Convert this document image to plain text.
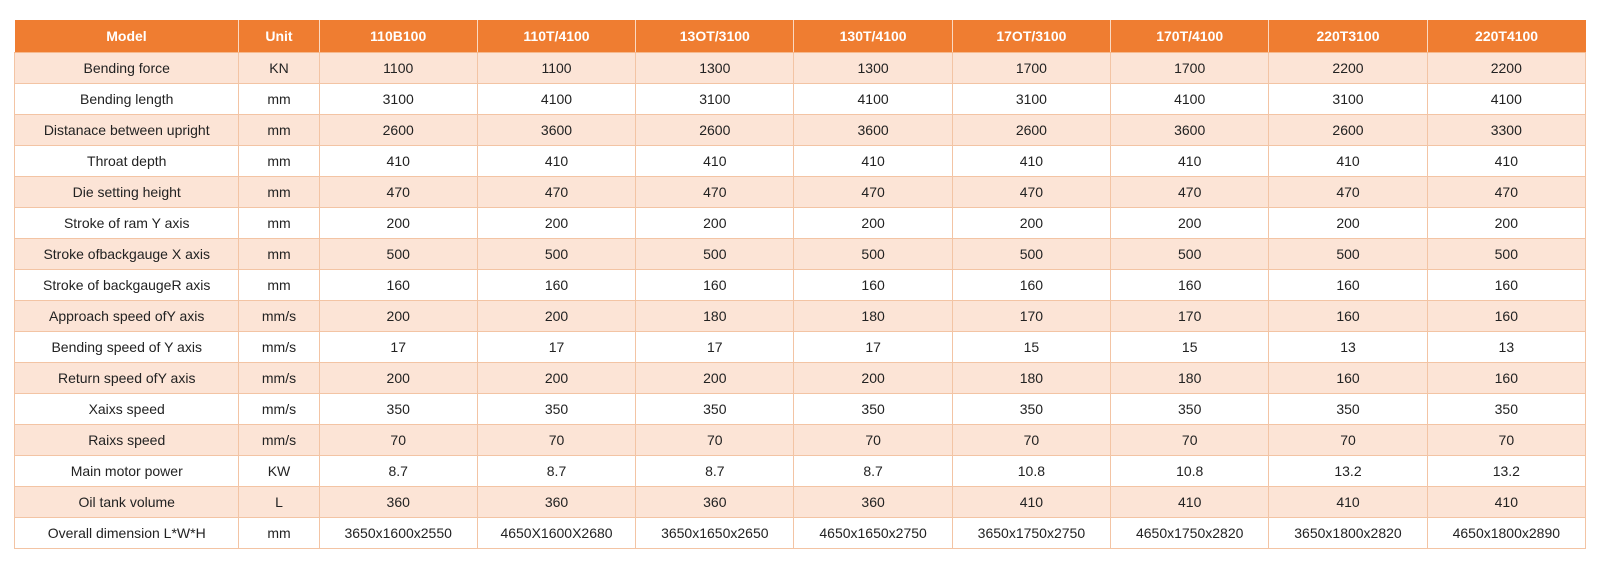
Model	Unit	110B100	110T/4100	13OT/3100	130T/4100	17OT/3100	170T/4100	220T3100	220T4100
Bending force	KN	1100	1100	1300	1300	1700	1700	2200	2200
Bending length	mm	3100	4100	3100	4100	3100	4100	3100	4100
Distanace between upright	mm	2600	3600	2600	3600	2600	3600	2600	3300
Throat depth	mm	410	410	410	410	410	410	410	410
Die setting height	mm	470	470	470	470	470	470	470	470
Stroke of ram Y axis	mm	200	200	200	200	200	200	200	200
Stroke ofbackgauge X axis	mm	500	500	500	500	500	500	500	500
Stroke of backgaugeR axis	mm	160	160	160	160	160	160	160	160
Approach speed ofY axis	mm/s	200	200	180	180	170	170	160	160
Bending speed of Y axis	mm/s	17	17	17	17	15	15	13	13
Return speed ofY axis	mm/s	200	200	200	200	180	180	160	160
Xaixs speed	mm/s	350	350	350	350	350	350	350	350
Raixs speed	mm/s	70	70	70	70	70	70	70	70
Main motor power	KW	8.7	8.7	8.7	8.7	10.8	10.8	13.2	13.2
Oil tank volume	L	360	360	360	360	410	410	410	410
Overall dimension L*W*H	mm	3650x1600x2550	4650X1600X2680	3650x1650x2650	4650x1650x2750	3650x1750x2750	4650x1750x2820	3650x1800x2820	4650x1800x2890
